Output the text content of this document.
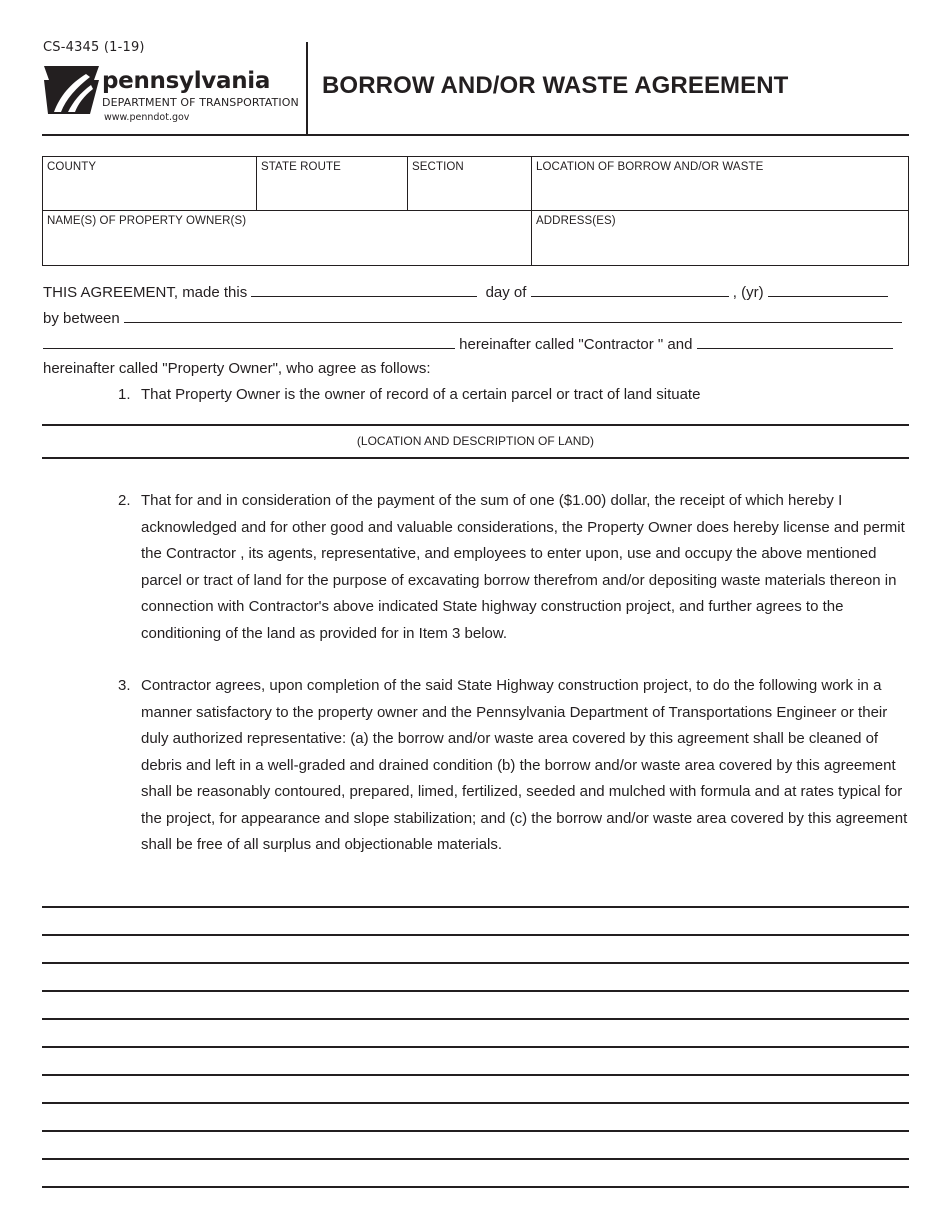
CS-4345 (1-19)
pennsylvania
DEPARTMENT OF TRANSPORTATION
www.penndot.gov
BORROW AND/OR WASTE AGREEMENT
COUNTY	STATE ROUTE	SECTION	LOCATION OF BORROW AND/OR WASTE
NAME(S) OF PROPERTY OWNER(S)	ADDRESS(ES)
THIS AGREEMENT, made this	day of	, (yr)
by between
hereinafter called "Contractor " and
hereinafter called "Property Owner", who agree as follows:
1. That Property Owner is the owner of record of a certain parcel or tract of land situate
(LOCATION AND DESCRIPTION OF LAND)
2. That for and in consideration of the payment of the sum of one ($1.00) dollar, the receipt of which hereby I acknowledged and for other good and valuable considerations, the Property Owner does hereby license and permit the Contractor , its agents, representative, and employees to enter upon, use and occupy the above mentioned parcel or tract of land for the purpose of excavating borrow therefrom and/or depositing waste materials thereon in connection with Contractor's above indicated State highway construction project, and further agrees to the conditioning of the land as provided for in Item 3 below.
3. Contractor agrees, upon completion of the said State Highway construction project, to do the following work in a manner satisfactory to the property owner and the Pennsylvania Department of Transportations Engineer or their duly authorized representative: (a) the borrow and/or waste area covered by this agreement shall be cleaned of debris and left in a well-graded and drained condition (b) the borrow and/or waste area covered by this agreement shall be reasonably contoured, prepared, limed, fertilized, seeded and mulched with formula and at rates typical for the project, for appearance and slope stabilization; and (c) the borrow and/or waste area covered by this agreement shall be free of all surplus and objectionable materials.
